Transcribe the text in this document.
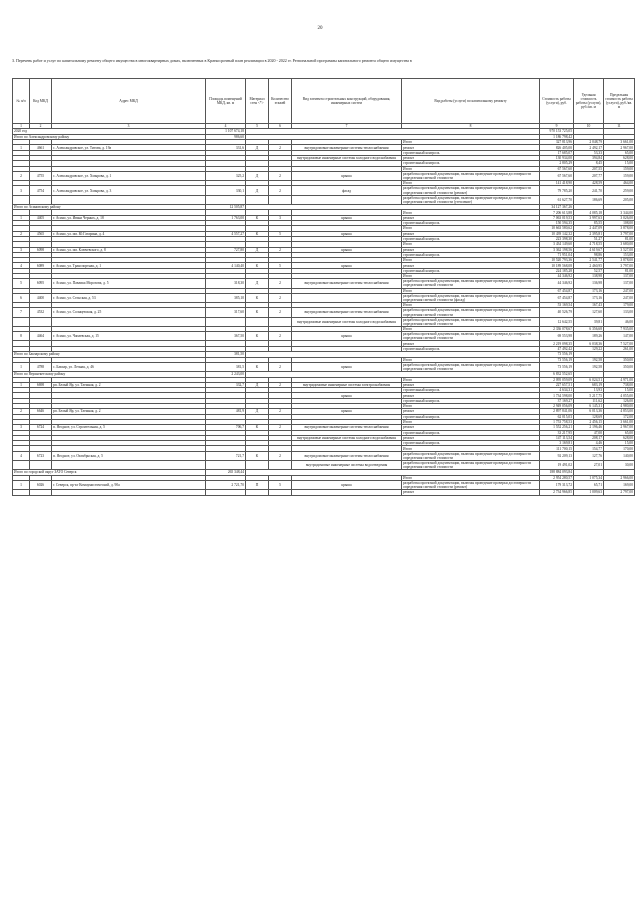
20
3. Перечень работ и услуг по капитальному ремонту общего имущества в многоквартирных домах, включенных в Краткосрочный план реализации в 2020 - 2022 гг. Региональной программы капитального ремонта общего имущества в
№ п/п	Код МКД	Адрес МКД	Площадь помещений МКД, кв. м	Материал стен <*>	Количество этажей	Вид элемента строительных конструкций, оборудования, инженерных систем	Вид работы (услуги) по капитальному ремонту	Стоимость работы (услуги), руб.	Удельная стоимость работы (услуги), руб./кв. м	Предельная стоимость работы (услуги), руб./кв. м
1	2	3	4	5	6	7	8	9	10	11
2020 год			1 107 674,18					970 153 725,05		
Итого по Александровскому району			986,60					1 186 798,42		
							Итого	327 813,96	2 048,79	3 661,00
1	4661	с. Александровское, ул. Титова, д. 19а	331,6	Д	2	внутридомовые инженерные системы теплоснабжения	ремонт	826 405,00	2 492,17	2 967,00
							строительный контроль	17 685,07	53,33	65,00
						внутридомовые инженерные системы холодного водоснабжения	ремонт	130 934,00	394,84	628,00
							строительный контроль	2 805,29	8,45	15,00
							Итого	67 567,60	207,55	159,00
2	4755	с. Александровское, ул. Хмырова, д. 1	325,2	Д	2	крыша	разработка проектной документации, включая проведение проверки достоверности определения сметной стоимости	67 567,60	207,77	159,00
							Итого	141 418,90	428,59	464,00
3	4754	с. Александровское, ул. Хмырова, д. 3	330,1	Д	2	фасад	разработка проектной документации, включая проведение проверки достоверности определения сметной стоимости (ремонт)	79 785,20	241,70	259,00
							разработка проектной документации, включая проведение проверки достоверности определения сметной стоимости (утепление)	61 627,70	186,69	205,00
Итого по Асиновскому району			12 505,87					34 127 367,26		
							Итого	7 206 613,88	4 085,18	3 344,00
1	4405	г. Асино, ул. Ивана Черных, д. 18	1 763,00	К	3	крыша	ремонт	7 063 019,53	3 997,63	3 026,00
							строительный контроль	150 594,35	85,55	108,00
							Итого	10 663 580,62	2 447,09	3 878,00
2	4565	г. Асино, ул. им. Ю.Гагарина, д. 4	4 557,27	К	5	крыша	ремонт	10 439 142,32	2 395,81	3 797,00
							строительный контроль	223 398,30	51,27	81,00
							Итого	3 434 149,60	4 718,55	3 680,00
3	6098	г. Асино, ул. им. Ключевского, д. 8	727,80	Д	2	крыша	ремонт	3 362 198,56	4 619,67	3 527,00
							строительный контроль	71 951,04	98,86	153,00
							Итого	10 520 793,36	2 541,77	3 878,00
4	6089	г. Асино, ул. Транспортная, д. 1	4 140,40	К	5	крыша	ремонт	10 189 568,08	2 460,95	3 797,00
							строительный контроль	224 185,28	52,57	81,00
							Итого	44 346,92	138,98	137,00
5	6095	г. Асино, ул. Павлика Морозова, д. 5	318,30	Д	2	внутридомовые инженерные системы теплоснабжения	разработка проектной документации, включая проведение проверки достоверности определения сметной стоимости	44 346,92	136,98	137,00
							Итого	67 454,87	173,16	247,00
6	4400	г. Асино, ул. Сельская, д. 53	385,10	К	2		разработка проектной документации, включая проведение проверки достоверности определения сметной стоимости (фасад)	67 454,87	173,16	247,00
							Итого	53 169,54	167,43	179,00
7	4532	г. Асино, ул. Солнцевская, д. 25	317,60	К	2	внутридомовые инженерные системы теплоснабжения	разработка проектной документации, включая проведение проверки достоверности определения сметной стоимости	40 526,79	127,60	133,00
						внутридомовые инженерные системы холодного водоснабжения	разработка проектной документации, включая проведение проверки достоверности определения сметной стоимости	12 642,55	39,81	46,00
							Итого	2 336 078,67	6 356,68	7 935,00
8	4464	г. Асино, ул. Чапаевская, д. 15	367,50	К	2	крыша	разработка проектной документации, включая проведение проверки достоверности определения сметной стоимости	69 553,98	189,26	147,00
							ремонт	2 219 098,35	6 038,36	7 527,00
							строительный контроль	47 492,42	129,22	261,00
Итого по Бакчарскому району			381,50					73 556,19		
							Итого	73 556,19	192,58	350,00
1	4788	с. Бакчар, ул. Лечная, д. 46	381,5	К	2	крыша	разработка проектной документации, включая проведение проверки достоверности определения сметной стоимости	73 556,19	192,58	350,00
Итого по Верхнекетскому району			2 243,00					6 832 552,65		
							Итого	2 095 059,09	6 024,51	4 971,00
1	6698	рп. Белый Яр, ул. Таежная, д. 2	332,7	Д	2	внутридомовые инженерные системы электроснабжения	ремонт	227 657,51	683,19	738,00
							строительный контроль	4 634,31	13,93	15,00
						крыша	ремонт	1 734 598,00	5 217,75	4 055,00
							строительный контроль	37 169,27	111,62	126,00
							Итого	2 949 056,09	6 145,31	4 980,00
2	6646	рп. Белый Яр, ул. Таежная, д. 2	481,9	Д	2	крыша	ремонт	2 897 841,06	6 013,36	4 853,00
							строительный контроль	62 015,03	128,69	172,00
							Итого	1 753 758,53	2 456,15	3 661,00
3	6724	п. Ягодное, ул. Строительная, д. 5	706,7	К	2	внутридомовые инженерные системы теплоснабжения	ремонт	1 552 256,21	2 196,46	2 967,00
							строительный контроль	33 217,95	47,00	65,00
						внутридомовые инженерные системы холодного водоснабжения	ремонт	147 113,54	208,17	628,00
							строительный контроль	3 169,81	4,46	15,00
							Итого	111 700,15	154,77	170,00
4	6723	п. Ягодное, ул. Октябрьская, д. 5	721,7	К	2	внутридомовые инженерные системы теплоснабжения	разработка проектной документации, включая проведение проверки достоверности определения сметной стоимости	92 209,13	127,76	140,00
						внутридомовые инженерные системы водоотведения	разработка проектной документации, включая проведение проверки достоверности определения сметной стоимости	19 491,02	27,01	30,00
Итого по городской округ ЗАТО Северск			265 348,44					188 884 093,84		
							Итого	2 954 280,57	1 075,34	2 966,00
1	6026	г. Северск, пр-кт Коммунистический, д. 90а	2 721,70	П	5	крыша	разработка проектной документации, включая проведение проверки достоверности определения сметной стоимости (ремонт)	179 313,72	65,71	169,00
							ремонт	2 734 966,85	1 009,63	2 797,00
